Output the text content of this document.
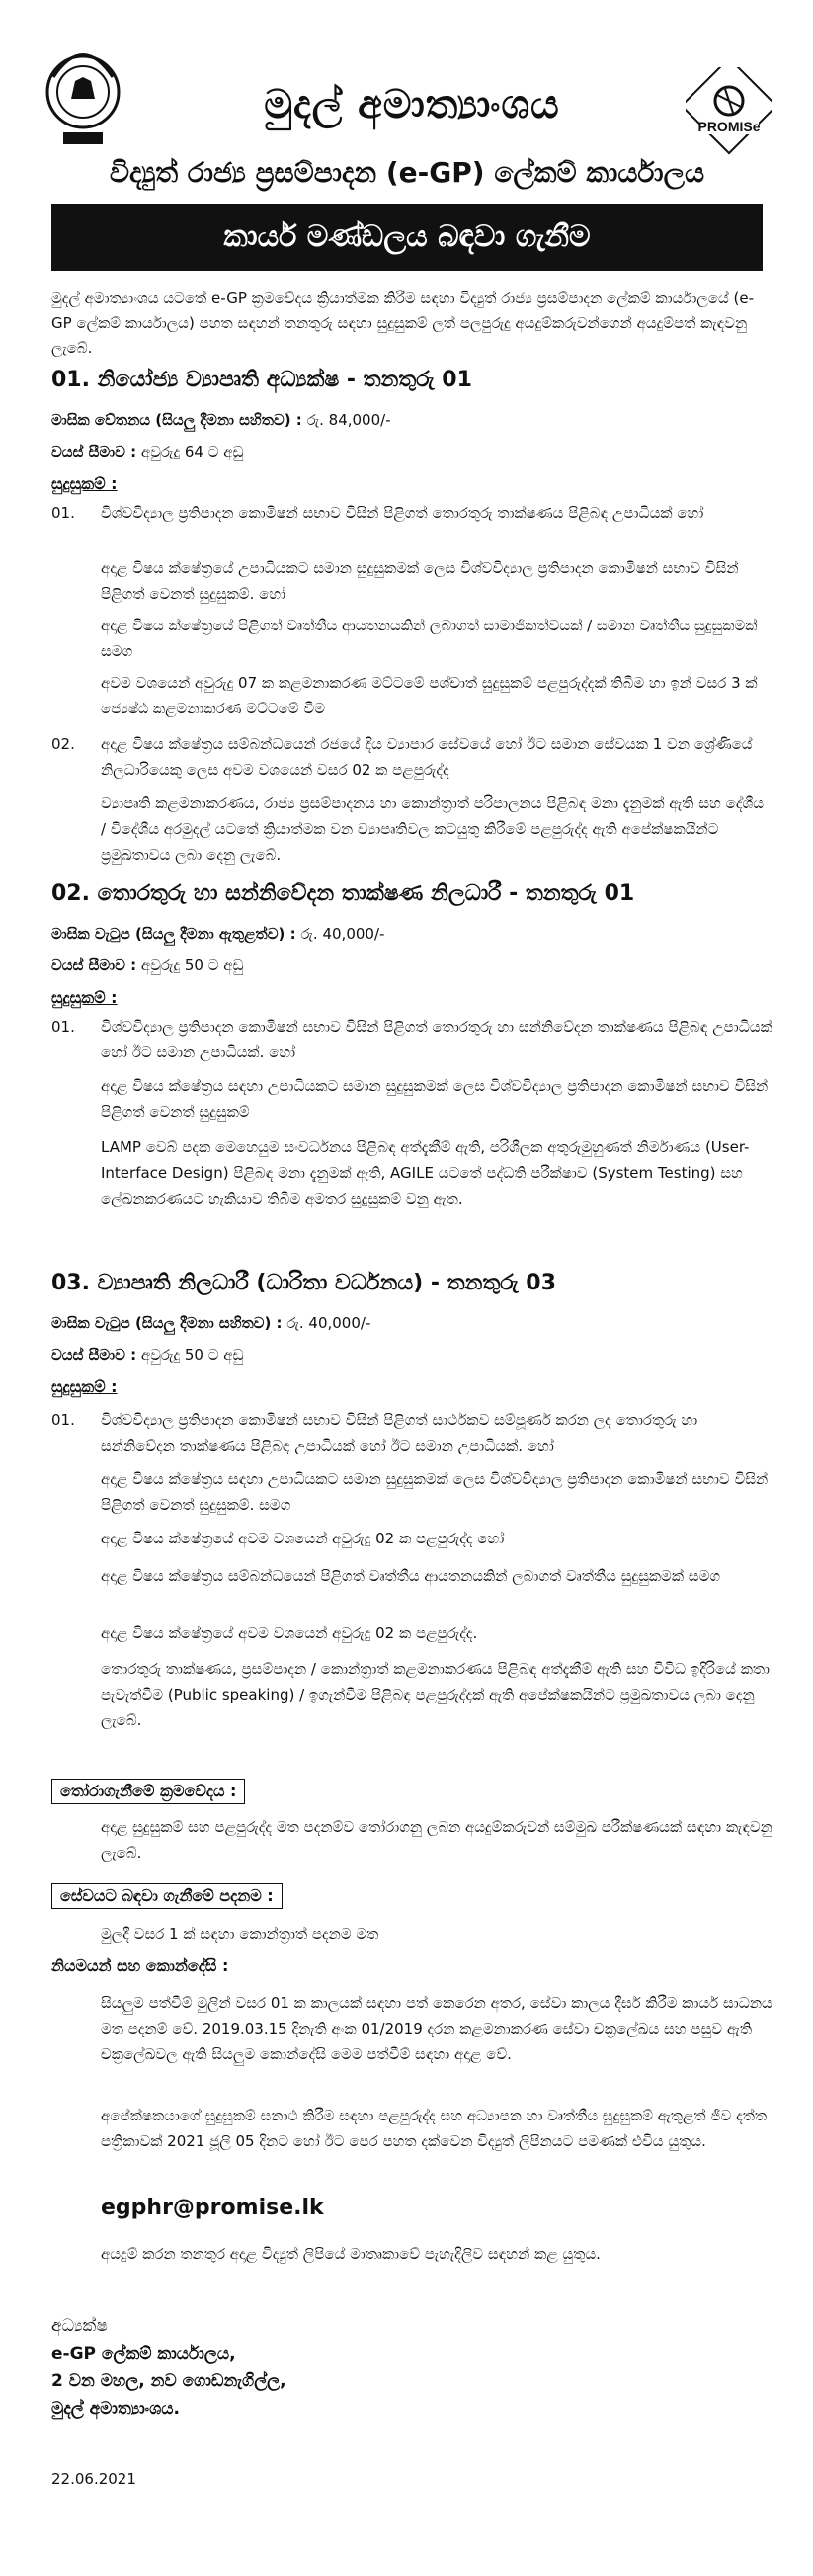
මුදල් අමාත්‍යාංශය	PROMISe
විද්‍යුත් රාජ්‍ය ප්‍රසම්පාදන (e-GP) ලේකම් කාර්යාලය
කාර්ය මණ්ඩලය බඳවා ගැනීම
මුදල් අමාත්‍යාංශය යටතේ e-GP ක්‍රමවේදය ක්‍රියාත්මක කිරීම සඳහා විද්‍යුත් රාජ්‍ය ප්‍රසම්පාදන ලේකම් කාර්යාලයේ (e-GP ලේකම් කාර්යාලය) පහත සඳහන් තනතුරු සඳහා සුදුසුකම් ලත් පලපුරුදු අයදුම්කරුවන්ගෙන් අයදුම්පත් කැඳවනු ලැබේ.
01. නියෝජ්‍ය ව්‍යාපෘති අධ්‍යක්ෂ - තනතුරු 01
මාසික වේතනය (සියලු දීමනා සහිතව) : රු. 84,000/-
වයස් සීමාව : අවුරුදු 64 ට අඩු
සුදුසුකම් :
01. විශ්වවිද්‍යාල ප්‍රතිපාදන කොමිෂන් සභාව විසින් පිළිගත් තොරතුරු තාක්ෂණය පිළිබඳ උපාධියක් හෝ
අදාළ විෂය ක්ෂේත්‍රයේ උපාධියකට සමාන සුදුසුකමක් ලෙස විශ්වවිද්‍යාල ප්‍රතිපාදන කොමිෂන් සභාව විසින් පිළිගත් වෙනත් සුදුසුකම්. හෝ
අදාළ විෂය ක්ෂේත්‍රයේ පිළිගත් වෘත්තීය ආයතනයකින් ලබාගත් සාමාජිකත්වයක් / සමාන වෘත්තීය සුදුසුකමක් සමග
අවම වශයෙන් අවුරුදු 07 ක කළමනාකරණ මට්ටමේ පශ්චාත් සුදුසුකම් පළපුරුද්දක් තිබීම හා ඉන් වසර 3 ක් ජ්‍යෙෂ්ඨ කළමනාකරණ මට්ටමේ වීම
02. අදාළ විෂය ක්ෂේත්‍රය සම්බන්ධයෙන් රජයේ දිය ව්‍යාපාර සේවයේ හෝ ඊට සමාන සේවයක 1 වන ශ්‍රේණියේ නිලධාරියෙකු ලෙස අවම වශයෙන් වසර 02 ක පළපුරුද්ද
ව්‍යාපෘති කළමනාකරණය, රාජ්‍ය ප්‍රසම්පාදනය හා කොන්ත්‍රාත් පරිපාලනය පිළිබඳ මනා දැනුමක් ඇති සහ දේශීය / විදේශීය අරමුදල් යටතේ ක්‍රියාත්මක වන ව්‍යාපෘතිවල කටයුතු කිරීමේ පළපුරුද්ද ඇති අපේක්ෂකයින්ට ප්‍රමුඛතාවය ලබා දෙනු ලැබේ.
02. තොරතුරු හා සන්නිවේදන තාක්ෂණ නිලධාරී - තනතුරු 01
මාසික වැටුප (සියලු දීමනා ඇතුළත්ව) : රු. 40,000/-
වයස් සීමාව : අවුරුදු 50 ට අඩු
සුදුසුකම් :
01. විශ්වවිද්‍යාල ප්‍රතිපාදන කොමිෂන් සභාව විසින් පිළිගත් තොරතුරු හා සන්නිවේදන තාක්ෂණය පිළිබඳ උපාධියක් හෝ ඊට සමාන උපාධියක්. හෝ
අදාළ විෂය ක්ෂේත්‍රය සඳහා උපාධියකට සමාන සුදුසුකමක් ලෙස විශ්වවිද්‍යාල ප්‍රතිපාදන කොමිෂන් සභාව විසින් පිළිගත් වෙනත් සුදුසුකම්
LAMP වෙබ් පදක මෙහෙයුම සංවර්ධනය පිළිබඳ අත්දැකීම් ඇති, පරිශීලක අතුරුමුහුණත් නිර්මාණය (User-Interface Design) පිළිබඳ මනා දැනුමක් ඇති, AGILE යටතේ පද්ධති පරීක්ෂාව (System Testing) සහ ලේඛනකරණයට හැකියාව තිබීම අමතර සුදුසුකම් වනු ඇත.
03. ව්‍යාපෘති නිලධාරී (ධාරිතා වර්ධනය) - තනතුරු 03
මාසික වැටුප (සියලු දීමනා සහිතව) : රු. 40,000/-
වයස් සීමාව : අවුරුදු 50 ට අඩු
සුදුසුකම් :
01. විශ්වවිද්‍යාල ප්‍රතිපාදන කොමිෂන් සභාව විසින් පිළිගත් සාර්ථකව සම්පූර්ණ කරන ලද තොරතුරු හා සන්නිවේදන තාක්ෂණය පිළිබඳ උපාධියක් හෝ ඊට සමාන උපාධියක්. හෝ
අදාළ විෂය ක්ෂේත්‍රය සඳහා උපාධියකට සමාන සුදුසුකමක් ලෙස විශ්වවිද්‍යාල ප්‍රතිපාදන කොමිෂන් සභාව විසින් පිළිගත් වෙනත් සුදුසුකම්. සමග
අදාළ විෂය ක්ෂේත්‍රයේ අවම වශයෙන් අවුරුදු 02 ක පළපුරුද්ද හෝ
අදාළ විෂය ක්ෂේත්‍රය සම්බන්ධයෙන් පිළිගත් වෘත්තීය ආයතනයකින් ලබාගත් වෘත්තීය සුදුසුකමක් සමග
අදාළ විෂය ක්ෂේත්‍රයේ අවම වශයෙන් අවුරුදු 02 ක පළපුරුද්ද.
තොරතුරු තාක්ෂණය, ප්‍රසම්පාදන / කොන්ත්‍රාත් කළමනාකරණය පිළිබඳ අත්දැකීම් ඇති සහ විවිධ ඉදිරියේ කතා පැවැත්වීම (Public speaking) / ඉගැන්වීම පිළිබඳ පළපුරුද්දක් ඇති අපේක්ෂකයින්ට ප්‍රමුඛතාවය ලබා දෙනු ලැබේ.
තෝරාගැනීමේ ක්‍රමවේදය :
අදාළ සුදුසුකම් සහ පළපුරුද්ද මත පදනම්ව තෝරාගනු ලබන අයදුම්කරුවන් සම්මුඛ පරීක්ෂණයක් සඳහා කැඳවනු ලැබේ.
සේවයට බඳවා ගැනීමේ පදනම :
මුලදී වසර 1 ක් සඳහා කොන්ත්‍රාත් පදනම මත
නියමයන් සහ කොන්දේසි :
සියලුම පත්වීම් මුලින් වසර 01 ක කාලයක් සඳහා පත් කෙරෙන අතර, සේවා කාලය දීර්ඝ කිරීම කාර්ය සාධනය මත පදනම් වේ. 2019.03.15 දිනැති අංක 01/2019 දරන කළමනාකරණ සේවා චක්‍රලේඛය සහ පසුව ඇති චක්‍රලේඛවල ඇති සියලුම කොන්දේසි මෙම පත්වීම් සඳහා අදාළ වේ.
අපේක්ෂකයාගේ සුදුසුකම් සනාථ කිරීම සඳහා පළපුරුද්ද සහ අධ්‍යාපන හා වෘත්තීය සුදුසුකම් ඇතුළත් ජීව දත්ත පත්‍රිකාවක් 2021 ජූලි 05 දිනට හෝ ඊට පෙර පහත දක්වෙන විද්‍යුත් ලිපිනයට පමණක් එවිය යුතුය.
egphr@promise.lk
අයදුම් කරන තනතුර අදාළ විද්‍යුත් ලිපියේ මාතෘකාවේ පැහැදිලිව සඳහන් කළ යුතුය.
අධ්‍යක්ෂ
e-GP ලේකම් කාර්යාලය,
2 වන මහල, නව ගොඩනැගිල්ල,
මුදල් අමාත්‍යාංශය.
22.06.2021
